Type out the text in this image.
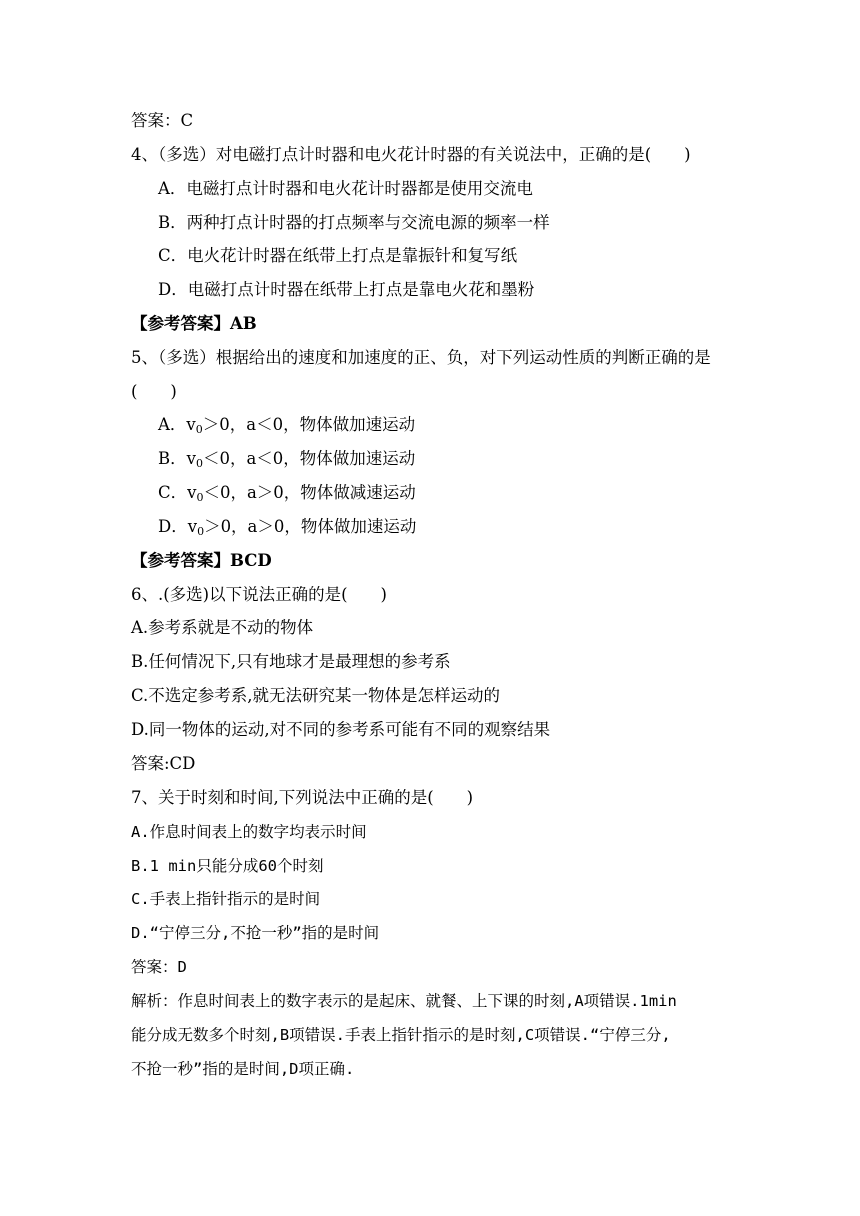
答案：C
4、（多选）对电磁打点计时器和电火花计时器的有关说法中，正确的是(　　)
A．电磁打点计时器和电火花计时器都是使用交流电
B．两种打点计时器的打点频率与交流电源的频率一样
C．电火花计时器在纸带上打点是靠振针和复写纸
D．电磁打点计时器在纸带上打点是靠电火花和墨粉
【参考答案】AB
5、（多选）根据给出的速度和加速度的正、负，对下列运动性质的判断正确的是
(　　)
A．$v_0>0$，a＜0，物体做加速运动
B．$v_0<0$，a＜0，物体做加速运动
C．$v_0<0$，a＞0，物体做减速运动
D．$v_0>0$，a＞0，物体做加速运动
【参考答案】BCD
6、.(多选)以下说法正确的是(　　)
A.参考系就是不动的物体
B.任何情况下,只有地球才是最理想的参考系
C.不选定参考系,就无法研究某一物体是怎样运动的
D.同一物体的运动,对不同的参考系可能有不同的观察结果
答案:CD
7、关于时刻和时间,下列说法中正确的是(　　)
A.作息时间表上的数字均表示时间
B.1 min只能分成60个时刻
C.手表上指针指示的是时间
D.“宁停三分,不抢一秒”指的是时间
答案：D
解析：作息时间表上的数字表示的是起床、就餐、上下课的时刻,A项错误.1min
能分成无数多个时刻,B项错误.手表上指针指示的是时刻,C项错误.“宁停三分,
不抢一秒”指的是时间,D项正确.
